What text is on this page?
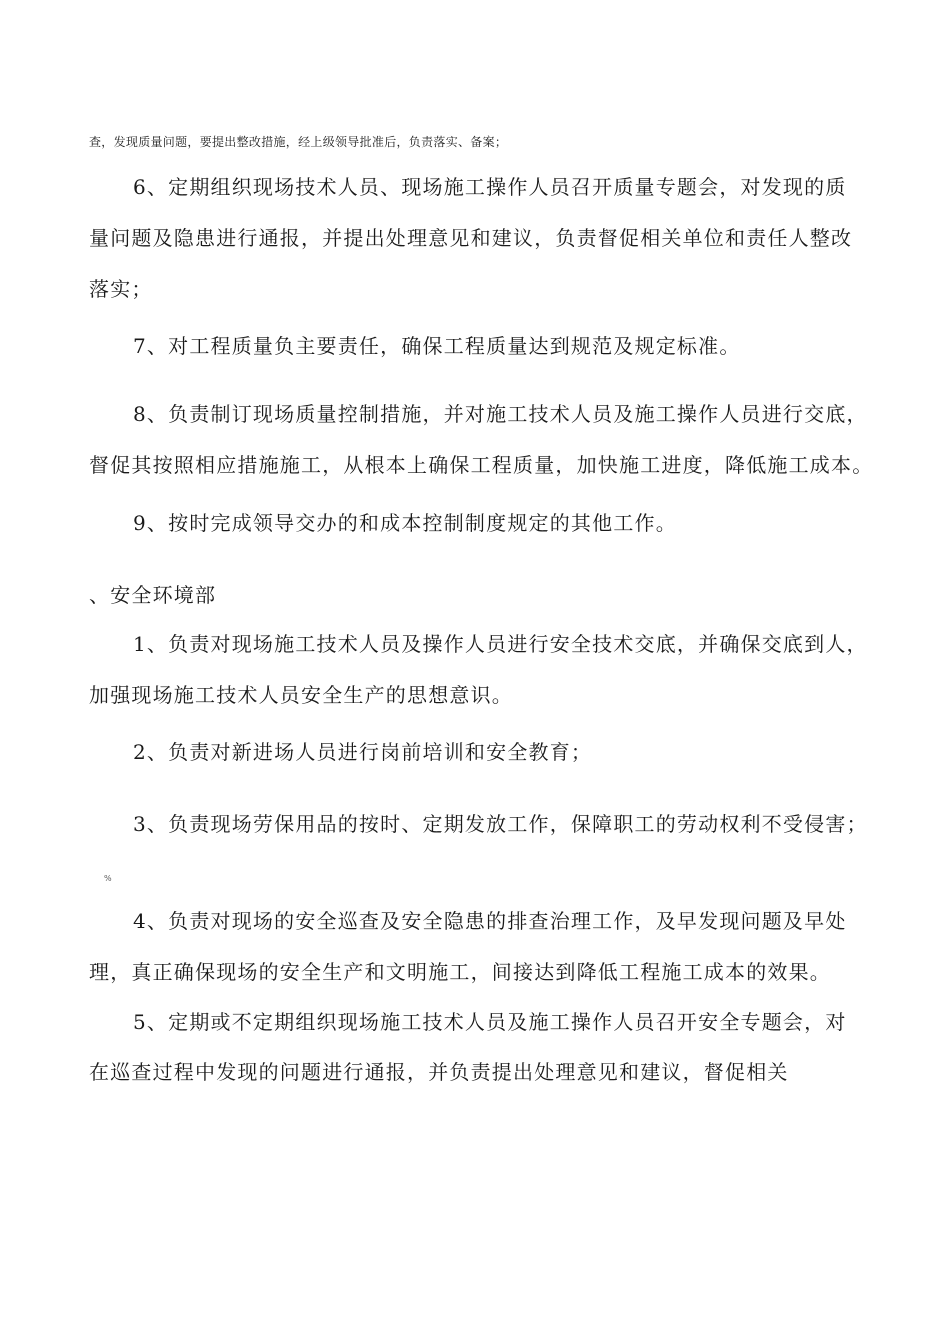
查，发现质量问题，要提出整改措施，经上级领导批准后，负责落实、备案；
6、定期组织现场技术人员、现场施工操作人员召开质量专题会，对发现的质
量问题及隐患进行通报，并提出处理意见和建议，负责督促相关单位和责任人整改
落实；
7、对工程质量负主要责任，确保工程质量达到规范及规定标准。
8、负责制订现场质量控制措施，并对施工技术人员及施工操作人员进行交底，
督促其按照相应措施施工，从根本上确保工程质量，加快施工进度，降低施工成本。
9、按时完成领导交办的和成本控制制度规定的其他工作。
、安全环境部
1、负责对现场施工技术人员及操作人员进行安全技术交底，并确保交底到人，
加强现场施工技术人员安全生产的思想意识。
2、负责对新进场人员进行岗前培训和安全教育；
3、负责现场劳保用品的按时、定期发放工作，保障职工的劳动权利不受侵害；
%
4、负责对现场的安全巡查及安全隐患的排查治理工作，及早发现问题及早处
理，真正确保现场的安全生产和文明施工，间接达到降低工程施工成本的效果。
5、定期或不定期组织现场施工技术人员及施工操作人员召开安全专题会，对
在巡查过程中发现的问题进行通报，并负责提出处理意见和建议，督促相关
